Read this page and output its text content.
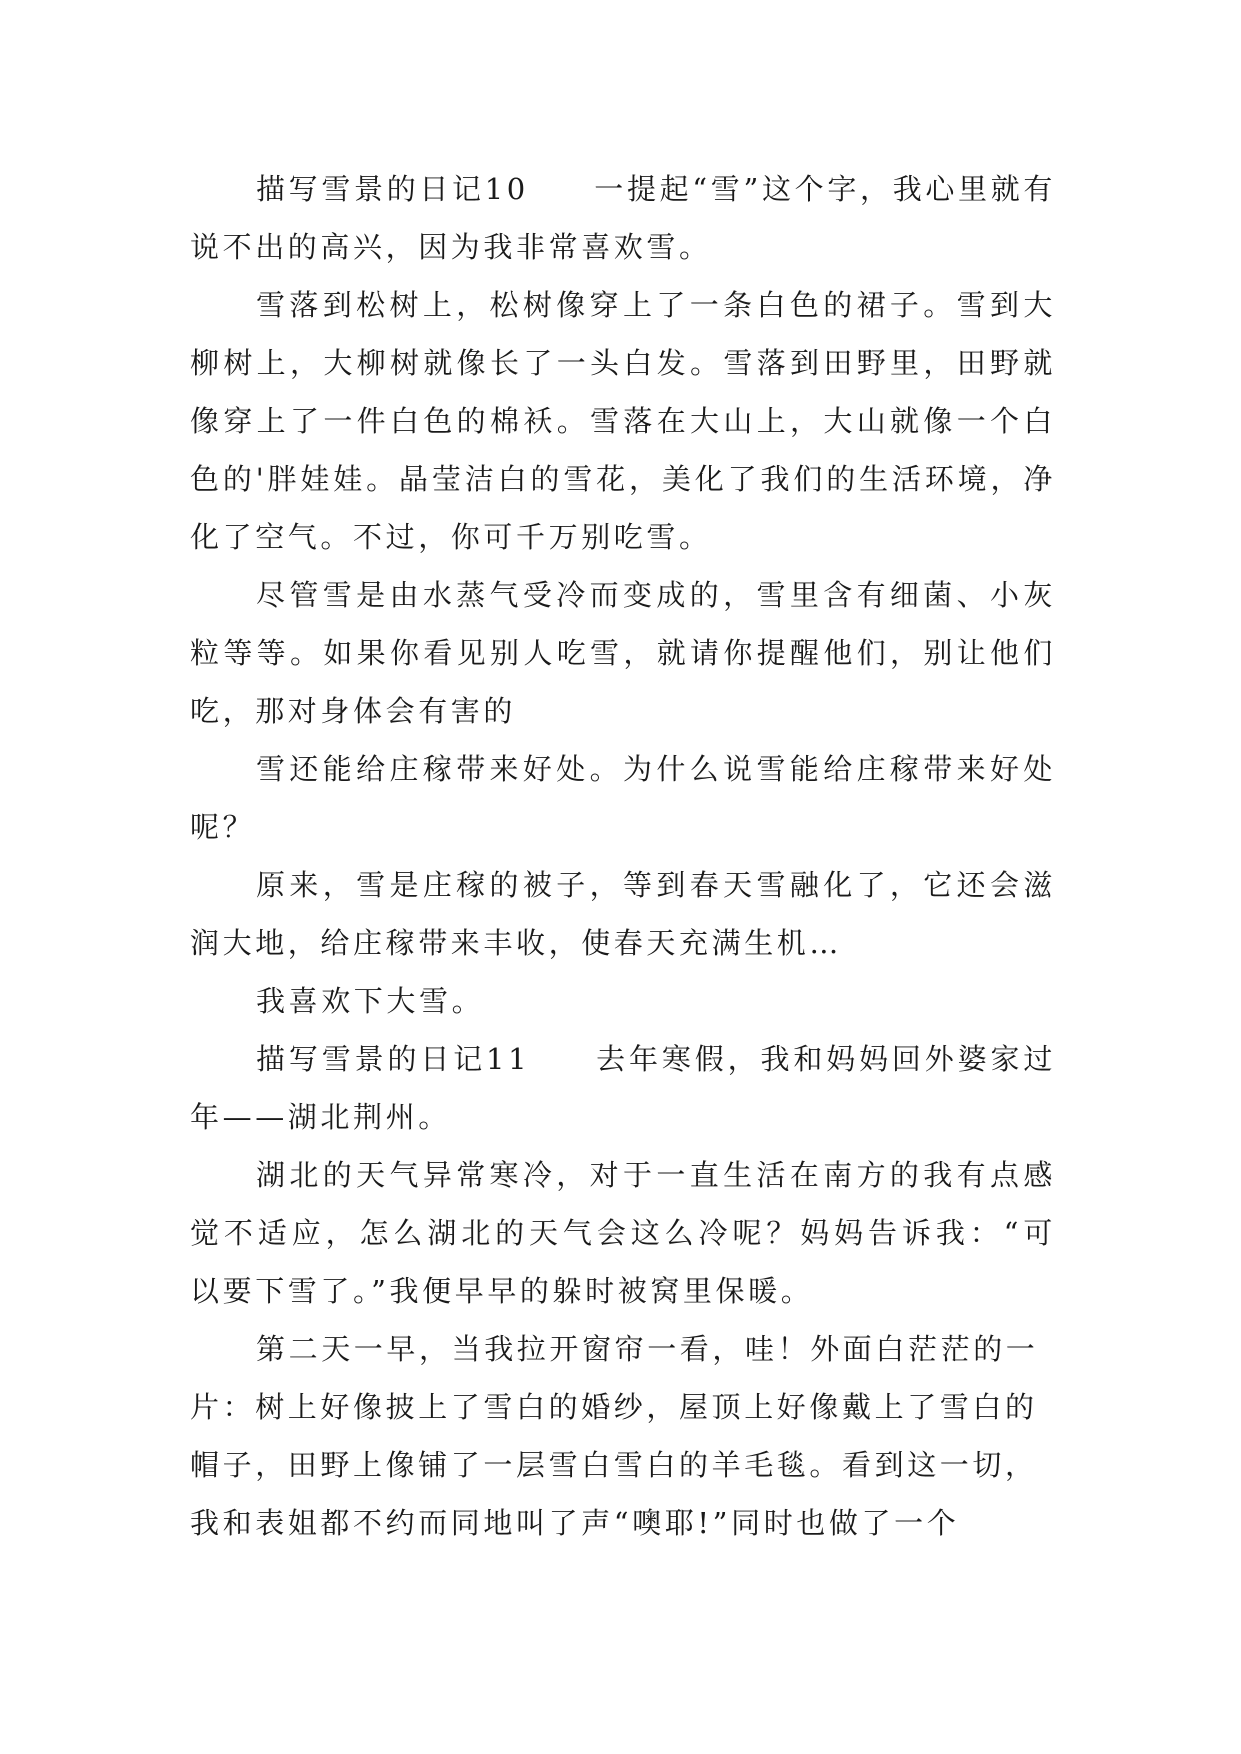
描写雪景的日记10　　一提起“雪”这个字，我心里就有说不出的高兴，因为我非常喜欢雪。

雪落到松树上，松树像穿上了一条白色的裙子。雪到大柳树上，大柳树就像长了一头白发。雪落到田野里，田野就像穿上了一件白色的棉袄。雪落在大山上，大山就像一个白色的'胖娃娃。晶莹洁白的雪花，美化了我们的生活环境，净化了空气。不过，你可千万别吃雪。

尽管雪是由水蒸气受冷而变成的，雪里含有细菌、小灰粒等等。如果你看见别人吃雪，就请你提醒他们，别让他们吃，那对身体会有害的

雪还能给庄稼带来好处。为什么说雪能给庄稼带来好处呢？

原来，雪是庄稼的被子，等到春天雪融化了，它还会滋润大地，给庄稼带来丰收，使春天充满生机…

我喜欢下大雪。

描写雪景的日记11　　去年寒假，我和妈妈回外婆家过年——湖北荆州。

湖北的天气异常寒冷，对于一直生活在南方的我有点感觉不适应，怎么湖北的天气会这么冷呢？妈妈告诉我：“可以要下雪了。”我便早早的躲时被窝里保暖。

第二天一早，当我拉开窗帘一看，哇！外面白茫茫的一片：树上好像披上了雪白的婚纱，屋顶上好像戴上了雪白的帽子，田野上像铺了一层雪白雪白的羊毛毯。看到这一切，我和表姐都不约而同地叫了声“噢耶!”同时也做了一个
